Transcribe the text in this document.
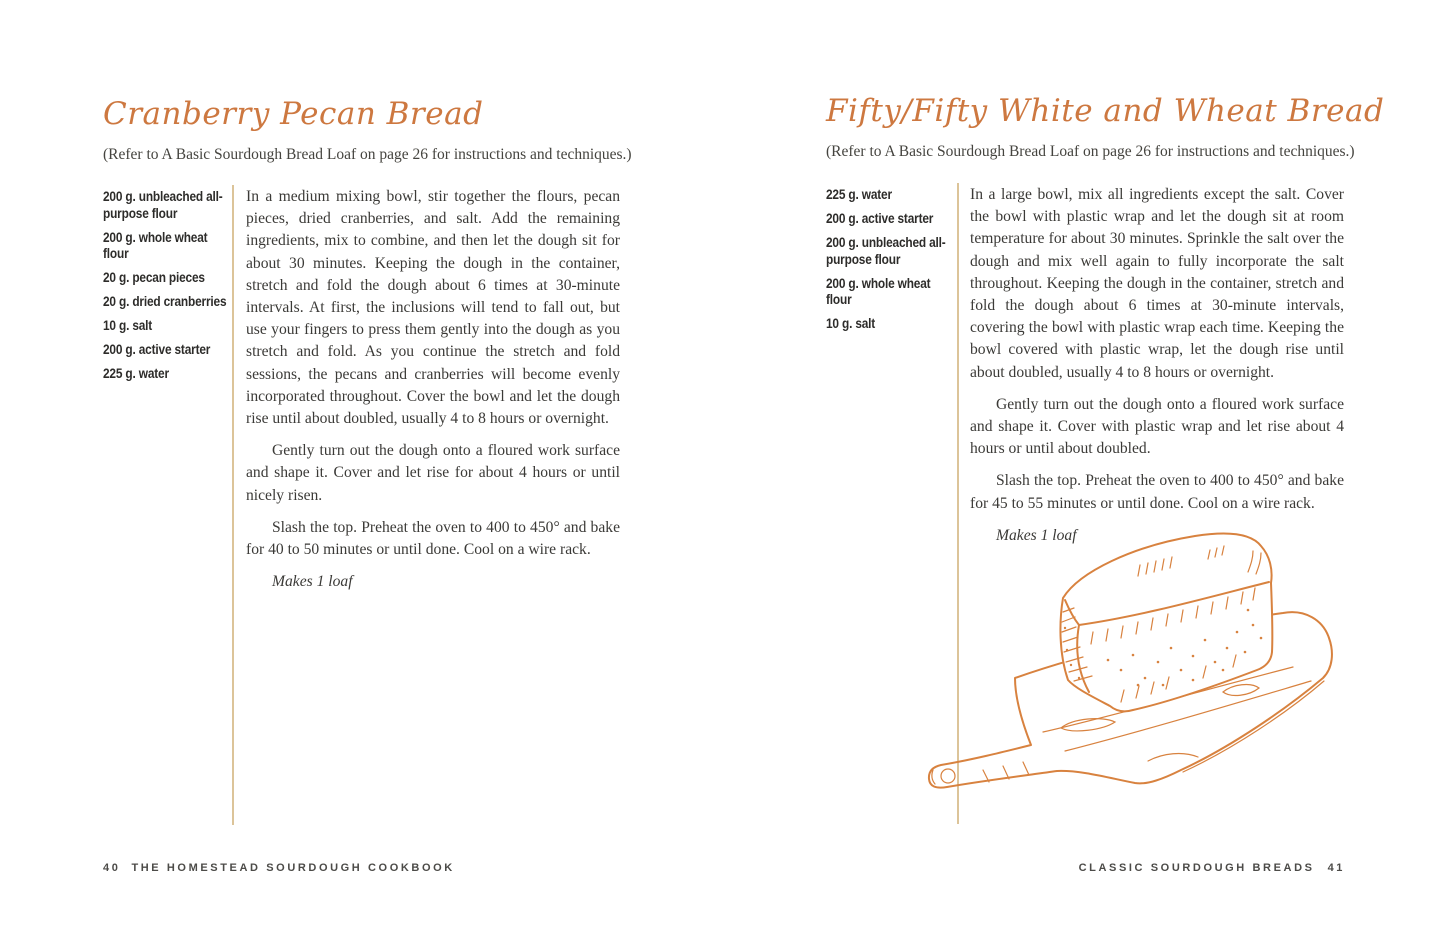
Cranberry Pecan Bread

(Refer to A Basic Sourdough Bread Loaf on page 26 for instructions and techniques.)

200 g. unbleached all-purpose flour
200 g. whole wheat flour
20 g. pecan pieces
20 g. dried cranberries
10 g. salt
200 g. active starter
225 g. water

In a medium mixing bowl, stir together the flours, pecan pieces, dried cranberries, and salt. Add the remaining ingredients, mix to combine, and then let the dough sit for about 30 minutes. Keeping the dough in the container, stretch and fold the dough about 6 times at 30-minute intervals. At first, the inclusions will tend to fall out, but use your fingers to press them gently into the dough as you stretch and fold. As you continue the stretch and fold sessions, the pecans and cranberries will become evenly incorporated throughout. Cover the bowl and let the dough rise until about doubled, usually 4 to 8 hours or overnight.

Gently turn out the dough onto a floured work surface and shape it. Cover and let rise for about 4 hours or until nicely risen.

Slash the top. Preheat the oven to 400 to 450° and bake for 40 to 50 minutes or until done. Cool on a wire rack.

Makes 1 loaf

40 THE HOMESTEAD SOURDOUGH COOKBOOK
Fifty/Fifty White and Wheat Bread

(Refer to A Basic Sourdough Bread Loaf on page 26 for instructions and techniques.)

225 g. water
200 g. active starter
200 g. unbleached all-purpose flour
200 g. whole wheat flour
10 g. salt

In a large bowl, mix all ingredients except the salt. Cover the bowl with plastic wrap and let the dough sit at room temperature for about 30 minutes. Sprinkle the salt over the dough and mix well again to fully incorporate the salt throughout. Keeping the dough in the container, stretch and fold the dough about 6 times at 30-minute intervals, covering the bowl with plastic wrap each time. Keeping the bowl covered with plastic wrap, let the dough rise until about doubled, usually 4 to 8 hours or overnight.

Gently turn out the dough onto a floured work surface and shape it. Cover with plastic wrap and let rise about 4 hours or until about doubled.

Slash the top. Preheat the oven to 400 to 450° and bake for 45 to 55 minutes or until done. Cool on a wire rack.

Makes 1 loaf

CLASSIC SOURDOUGH BREADS 41
